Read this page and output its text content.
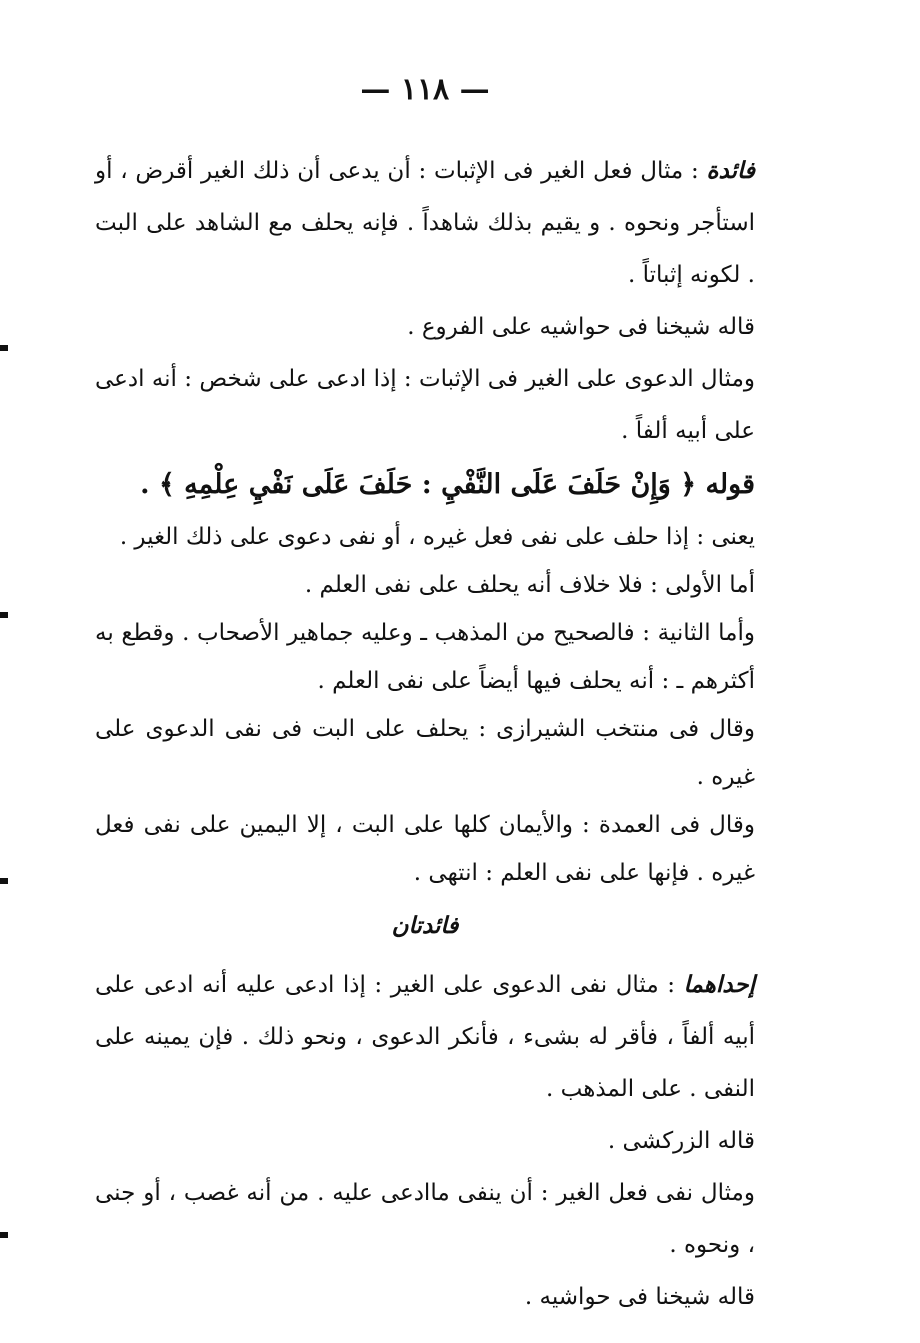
— ١١٨ —
فائدة : مثال فعل الغير فى الإثبات : أن يدعى أن ذلك الغير أقرض ، أو استأجر ونحوه . و يقيم بذلك شاهداً . فإنه يحلف مع الشاهد على البت . لكونه إثباتاً .
قاله شيخنا فى حواشيه على الفروع .
ومثال الدعوى على الغير فى الإثبات : إذا ادعى على شخص : أنه ادعى على أبيه ألفاً .
قوله ﴿ وَإِنْ حَلَفَ عَلَى النَّفْيِ : حَلَفَ عَلَى نَفْيِ عِلْمِهِ ﴾ .
يعنى : إذا حلف على نفى فعل غيره ، أو نفى دعوى على ذلك الغير .
أما الأولى : فلا خلاف أنه يحلف على نفى العلم .
وأما الثانية : فالصحيح من المذهب ـ وعليه جماهير الأصحاب . وقطع به أكثرهم ـ : أنه يحلف فيها أيضاً على نفى العلم .
وقال فى منتخب الشيرازى : يحلف على البت فى نفى الدعوى على غيره .
وقال فى العمدة : والأيمان كلها على البت ، إلا اليمين على نفى فعل غيره . فإنها على نفى العلم : انتهى .
فائدتان
إحداهما : مثال نفى الدعوى على الغير : إذا ادعى عليه أنه ادعى على أبيه ألفاً ، فأقر له بشىء ، فأنكر الدعوى ، ونحو ذلك . فإن يمينه على النفى . على المذهب .
قاله الزركشى .
ومثال نفى فعل الغير : أن ينفى ماادعى عليه . من أنه غصب ، أو جنى ، ونحوه .
قاله شيخنا فى حواشيه .
